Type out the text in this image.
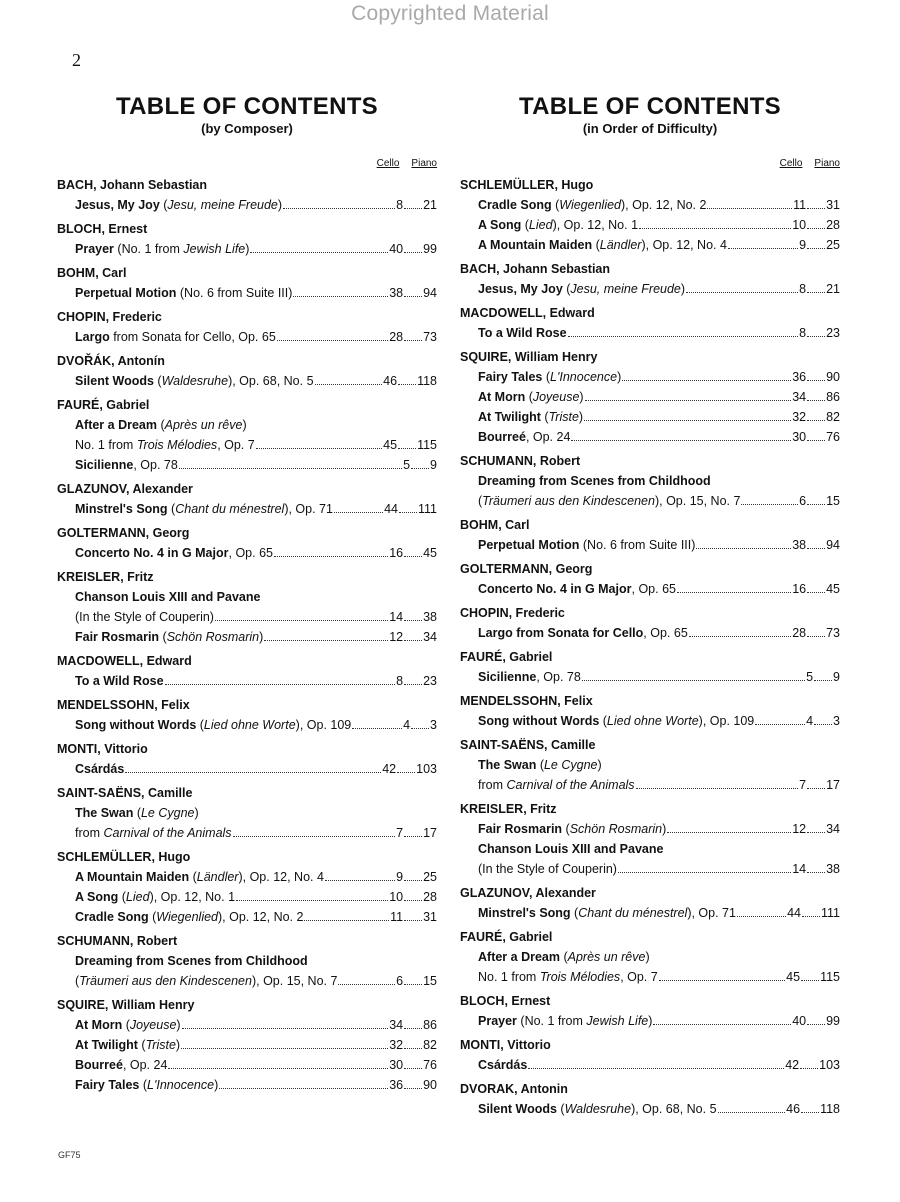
Copyrighted Material
2
TABLE OF CONTENTS
(by Composer)
Cello Piano
BACH, Johann Sebastian
Jesus, My Joy (Jesu, meine Freude)	8 21
BLOCH, Ernest
Prayer (No. 1 from Jewish Life)	40 99
BOHM, Carl
Perpetual Motion (No. 6 from Suite III)	38 94
CHOPIN, Frederic
Largo from Sonata for Cello, Op. 65	28 73
DVOŘÁK, Antonín
Silent Woods (Waldesruhe), Op. 68, No. 5	46 118
FAURÉ, Gabriel
After a Dream (Après un rêve)
No. 1 from Trois Mélodies, Op. 7	45 115
Sicilienne, Op. 78	5 9
GLAZUNOV, Alexander
Minstrel's Song (Chant du ménestrel), Op. 71	44 111
GOLTERMANN, Georg
Concerto No. 4 in G Major, Op. 65	16 45
KREISLER, Fritz
Chanson Louis XIII and Pavane
(In the Style of Couperin)	14 38
Fair Rosmarin (Schön Rosmarin)	12 34
MACDOWELL, Edward
To a Wild Rose	8 23
MENDELSSOHN, Felix
Song without Words (Lied ohne Worte), Op. 109	4 3
MONTI, Vittorio
Csárdás	42 103
SAINT-SAËNS, Camille
The Swan (Le Cygne)
from Carnival of the Animals	7 17
SCHLEMÜLLER, Hugo
A Mountain Maiden (Ländler), Op. 12, No. 4	9 25
A Song (Lied), Op. 12, No. 1	10 28
Cradle Song (Wiegenlied), Op. 12, No. 2	11 31
SCHUMANN, Robert
Dreaming from Scenes from Childhood
(Träumeri aus den Kindescenen), Op. 15, No. 7	6 15
SQUIRE, William Henry
At Morn (Joyeuse)	34 86
At Twilight (Triste)	32 82
Bourreé, Op. 24	30 76
Fairy Tales (L'Innocence)	36 90
TABLE OF CONTENTS
(in Order of Difficulty)
Cello Piano
SCHLEMÜLLER, Hugo
Cradle Song (Wiegenlied), Op. 12, No. 2	11 31
A Song (Lied), Op. 12, No. 1	10 28
A Mountain Maiden (Ländler), Op. 12, No. 4	9 25
BACH, Johann Sebastian
Jesus, My Joy (Jesu, meine Freude)	8 21
MACDOWELL, Edward
To a Wild Rose	8 23
SQUIRE, William Henry
Fairy Tales (L'Innocence)	36 90
At Morn (Joyeuse)	34 86
At Twilight (Triste)	32 82
Bourreé, Op. 24	30 76
SCHUMANN, Robert
Dreaming from Scenes from Childhood
(Träumeri aus den Kindescenen), Op. 15, No. 7	6 15
BOHM, Carl
Perpetual Motion (No. 6 from Suite III)	38 94
GOLTERMANN, Georg
Concerto No. 4 in G Major, Op. 65	16 45
CHOPIN, Frederic
Largo from Sonata for Cello, Op. 65	28 73
FAURÉ, Gabriel
Sicilienne, Op. 78	5 9
MENDELSSOHN, Felix
Song without Words (Lied ohne Worte), Op. 109	4 3
SAINT-SAËNS, Camille
The Swan (Le Cygne)
from Carnival of the Animals	7 17
KREISLER, Fritz
Fair Rosmarin (Schön Rosmarin)	12 34
Chanson Louis XIII and Pavane
(In the Style of Couperin)	14 38
GLAZUNOV, Alexander
Minstrel's Song (Chant du ménestrel), Op. 71	44 111
FAURÉ, Gabriel
After a Dream (Après un rêve)
No. 1 from Trois Mélodies, Op. 7	45 115
BLOCH, Ernest
Prayer (No. 1 from Jewish Life)	40 99
MONTI, Vittorio
Csárdás	42 103
DVORAK, Antonin
Silent Woods (Waldesruhe), Op. 68, No. 5	46 118
GF75
